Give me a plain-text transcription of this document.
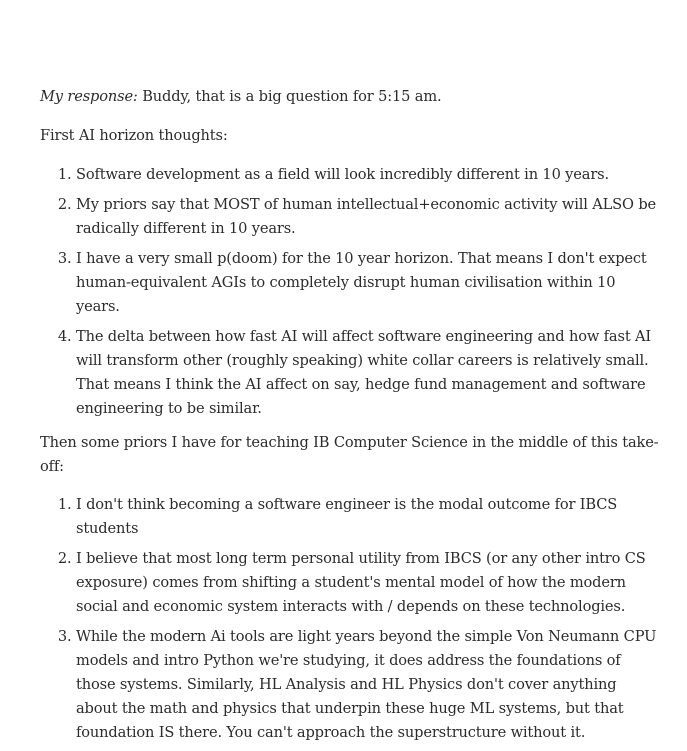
My response: Buddy, that is a big question for 5:15 am.

First AI horizon thoughts:

1. Software development as a field will look incredibly different in 10 years.
2. My priors say that MOST of human intellectual+economic activity will ALSO be radically different in 10 years.
3. I have a very small p(doom) for the 10 year horizon. That means I don't expect human-equivalent AGIs to completely disrupt human civilisation within 10 years.
4. The delta between how fast AI will affect software engineering and how fast AI will transform other (roughly speaking) white collar careers is relatively small. That means I think the AI affect on say, hedge fund management and software engineering to be similar.

Then some priors I have for teaching IB Computer Science in the middle of this take-off:

1. I don't think becoming a software engineer is the modal outcome for IBCS students
2. I believe that most long term personal utility from IBCS (or any other intro CS exposure) comes from shifting a student's mental model of how the modern social and economic system interacts with / depends on these technologies.
3. While the modern Ai tools are light years beyond the simple Von Neumann CPU models and intro Python we're studying, it does address the foundations of those systems. Similarly, HL Analysis and HL Physics don't cover anything about the math and physics that underpin these huge ML systems, but that foundation IS there. You can't approach the superstructure without it.
